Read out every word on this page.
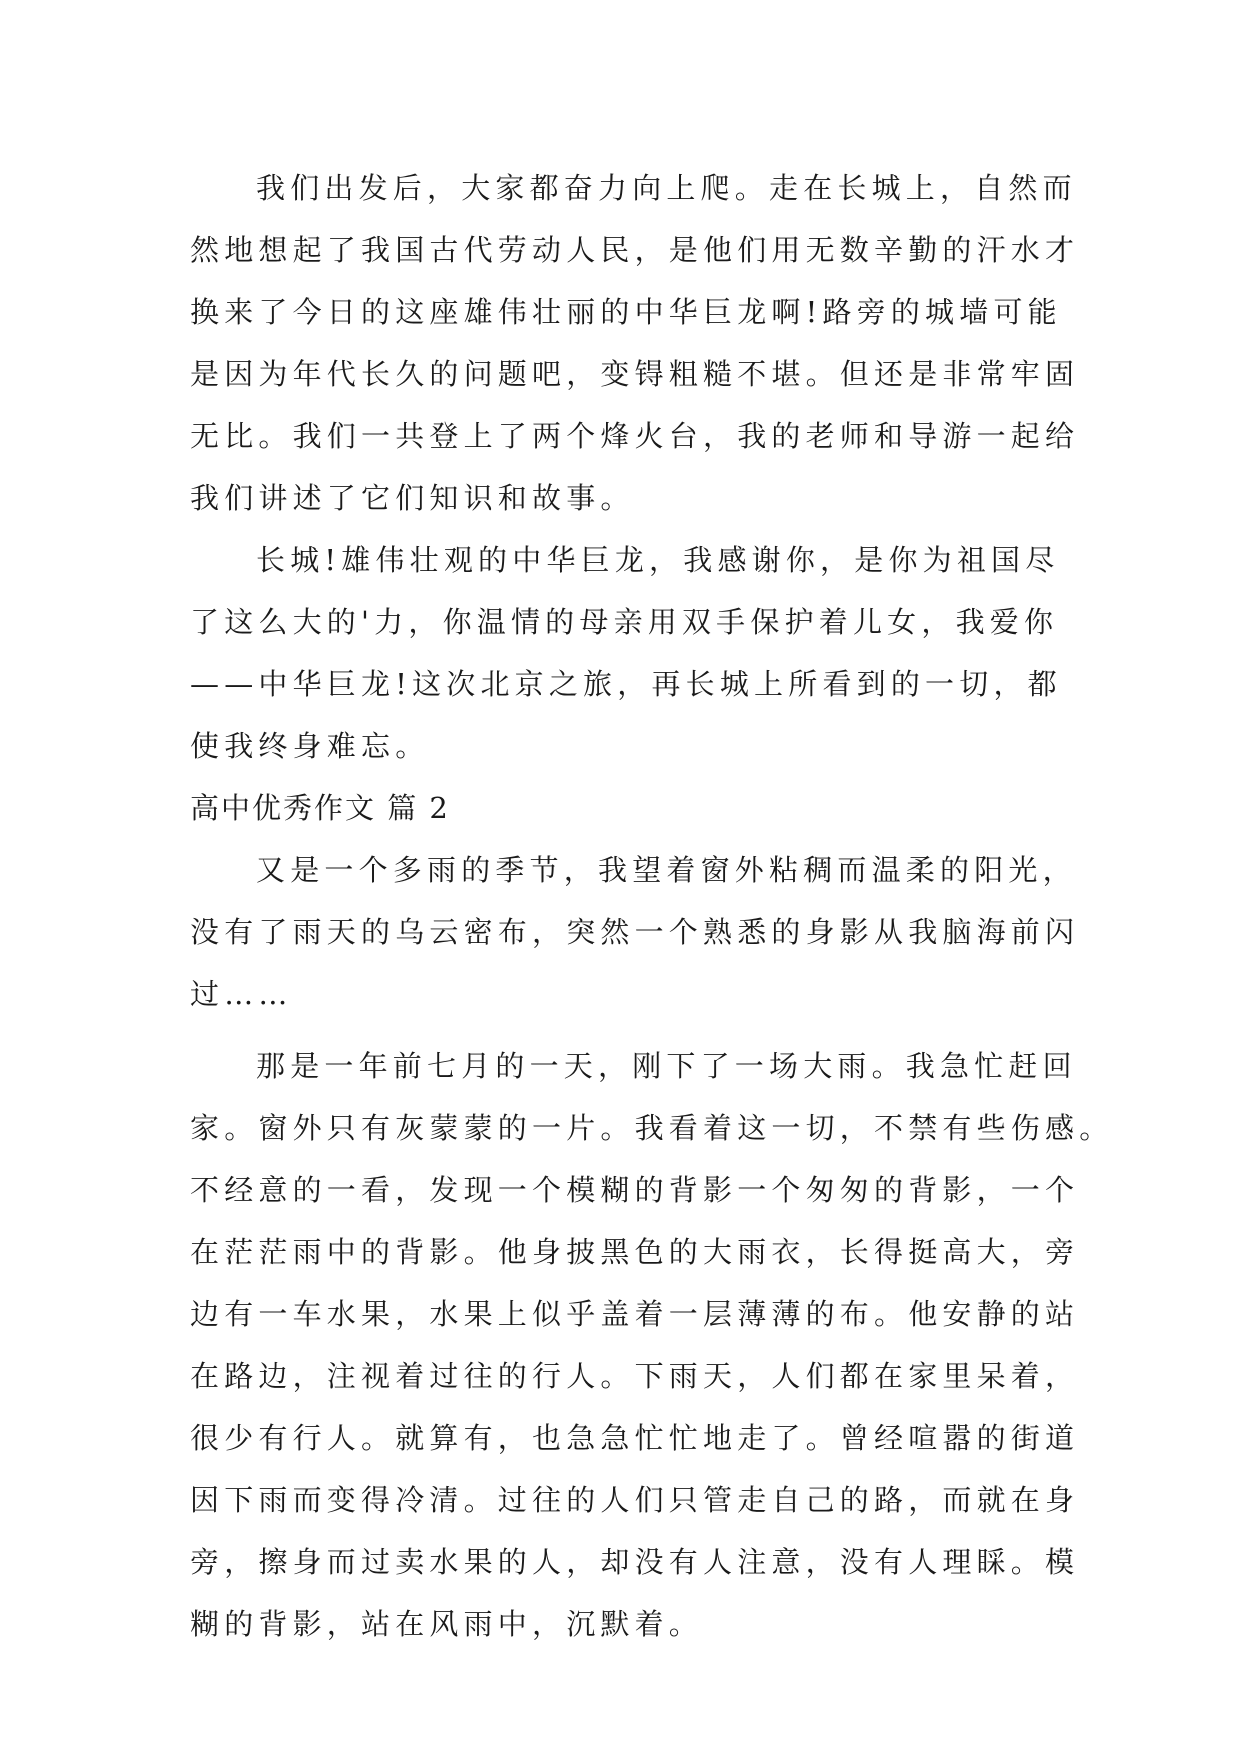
我们出发后，大家都奋力向上爬。走在长城上，自然而
然地想起了我国古代劳动人民，是他们用无数辛勤的汗水才
换来了今日的这座雄伟壮丽的中华巨龙啊!路旁的城墙可能
是因为年代长久的问题吧，变锝粗糙不堪。但还是非常牢固
无比。我们一共登上了两个烽火台，我的老师和导游一起给
我们讲述了它们知识和故事。
长城!雄伟壮观的中华巨龙，我感谢你，是你为祖国尽
了这么大的'力，你温情的母亲用双手保护着儿女，我爱你
——中华巨龙!这次北京之旅，再长城上所看到的一切，都
使我终身难忘。
高中优秀作文 篇 2
又是一个多雨的季节，我望着窗外粘稠而温柔的阳光，
没有了雨天的乌云密布，突然一个熟悉的身影从我脑海前闪
过……
那是一年前七月的一天，刚下了一场大雨。我急忙赶回
家。窗外只有灰蒙蒙的一片。我看着这一切，不禁有些伤感。
不经意的一看，发现一个模糊的背影一个匆匆的背影，一个
在茫茫雨中的背影。他身披黑色的大雨衣，长得挺高大，旁
边有一车水果，水果上似乎盖着一层薄薄的布。他安静的站
在路边，注视着过往的行人。下雨天，人们都在家里呆着，
很少有行人。就算有，也急急忙忙地走了。曾经喧嚣的街道
因下雨而变得冷清。过往的人们只管走自己的路，而就在身
旁，擦身而过卖水果的人，却没有人注意，没有人理睬。模
糊的背影，站在风雨中，沉默着。
